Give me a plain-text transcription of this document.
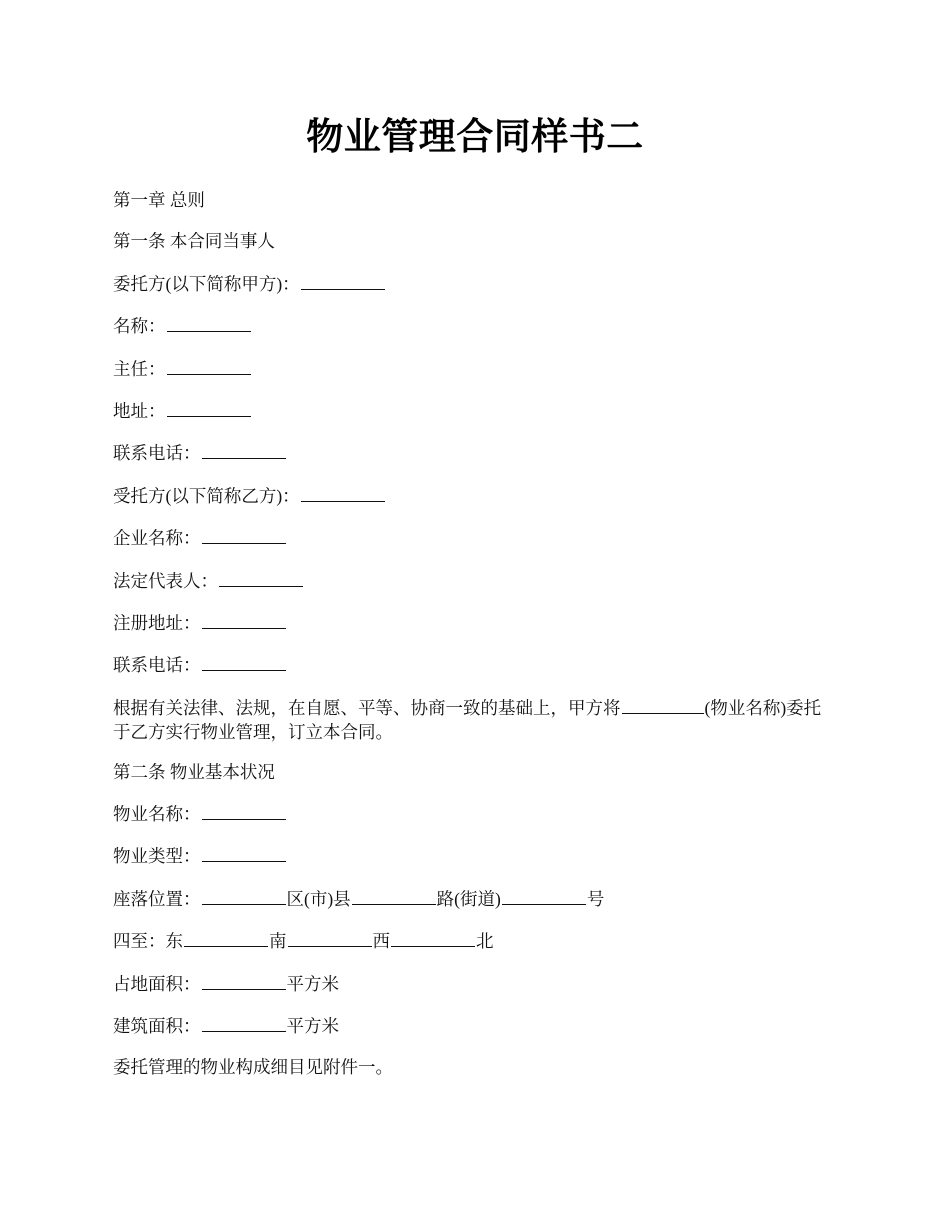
物业管理合同样书二
第一章 总则
第一条 本合同当事人
委托方(以下简称甲方)：
名称：
主任：
地址：
联系电话：
受托方(以下简称乙方)：
企业名称：
法定代表人：
注册地址：
联系电话：
根据有关法律、法规，在自愿、平等、协商一致的基础上，甲方将	(物业名称)委托于乙方实行物业管理，订立本合同。
第二条 物业基本状况
物业名称：
物业类型：
座落位置：	区(市)县	路(街道)	号
四至：东	南	西	北
占地面积：	平方米
建筑面积：	平方米
委托管理的物业构成细目见附件一。
